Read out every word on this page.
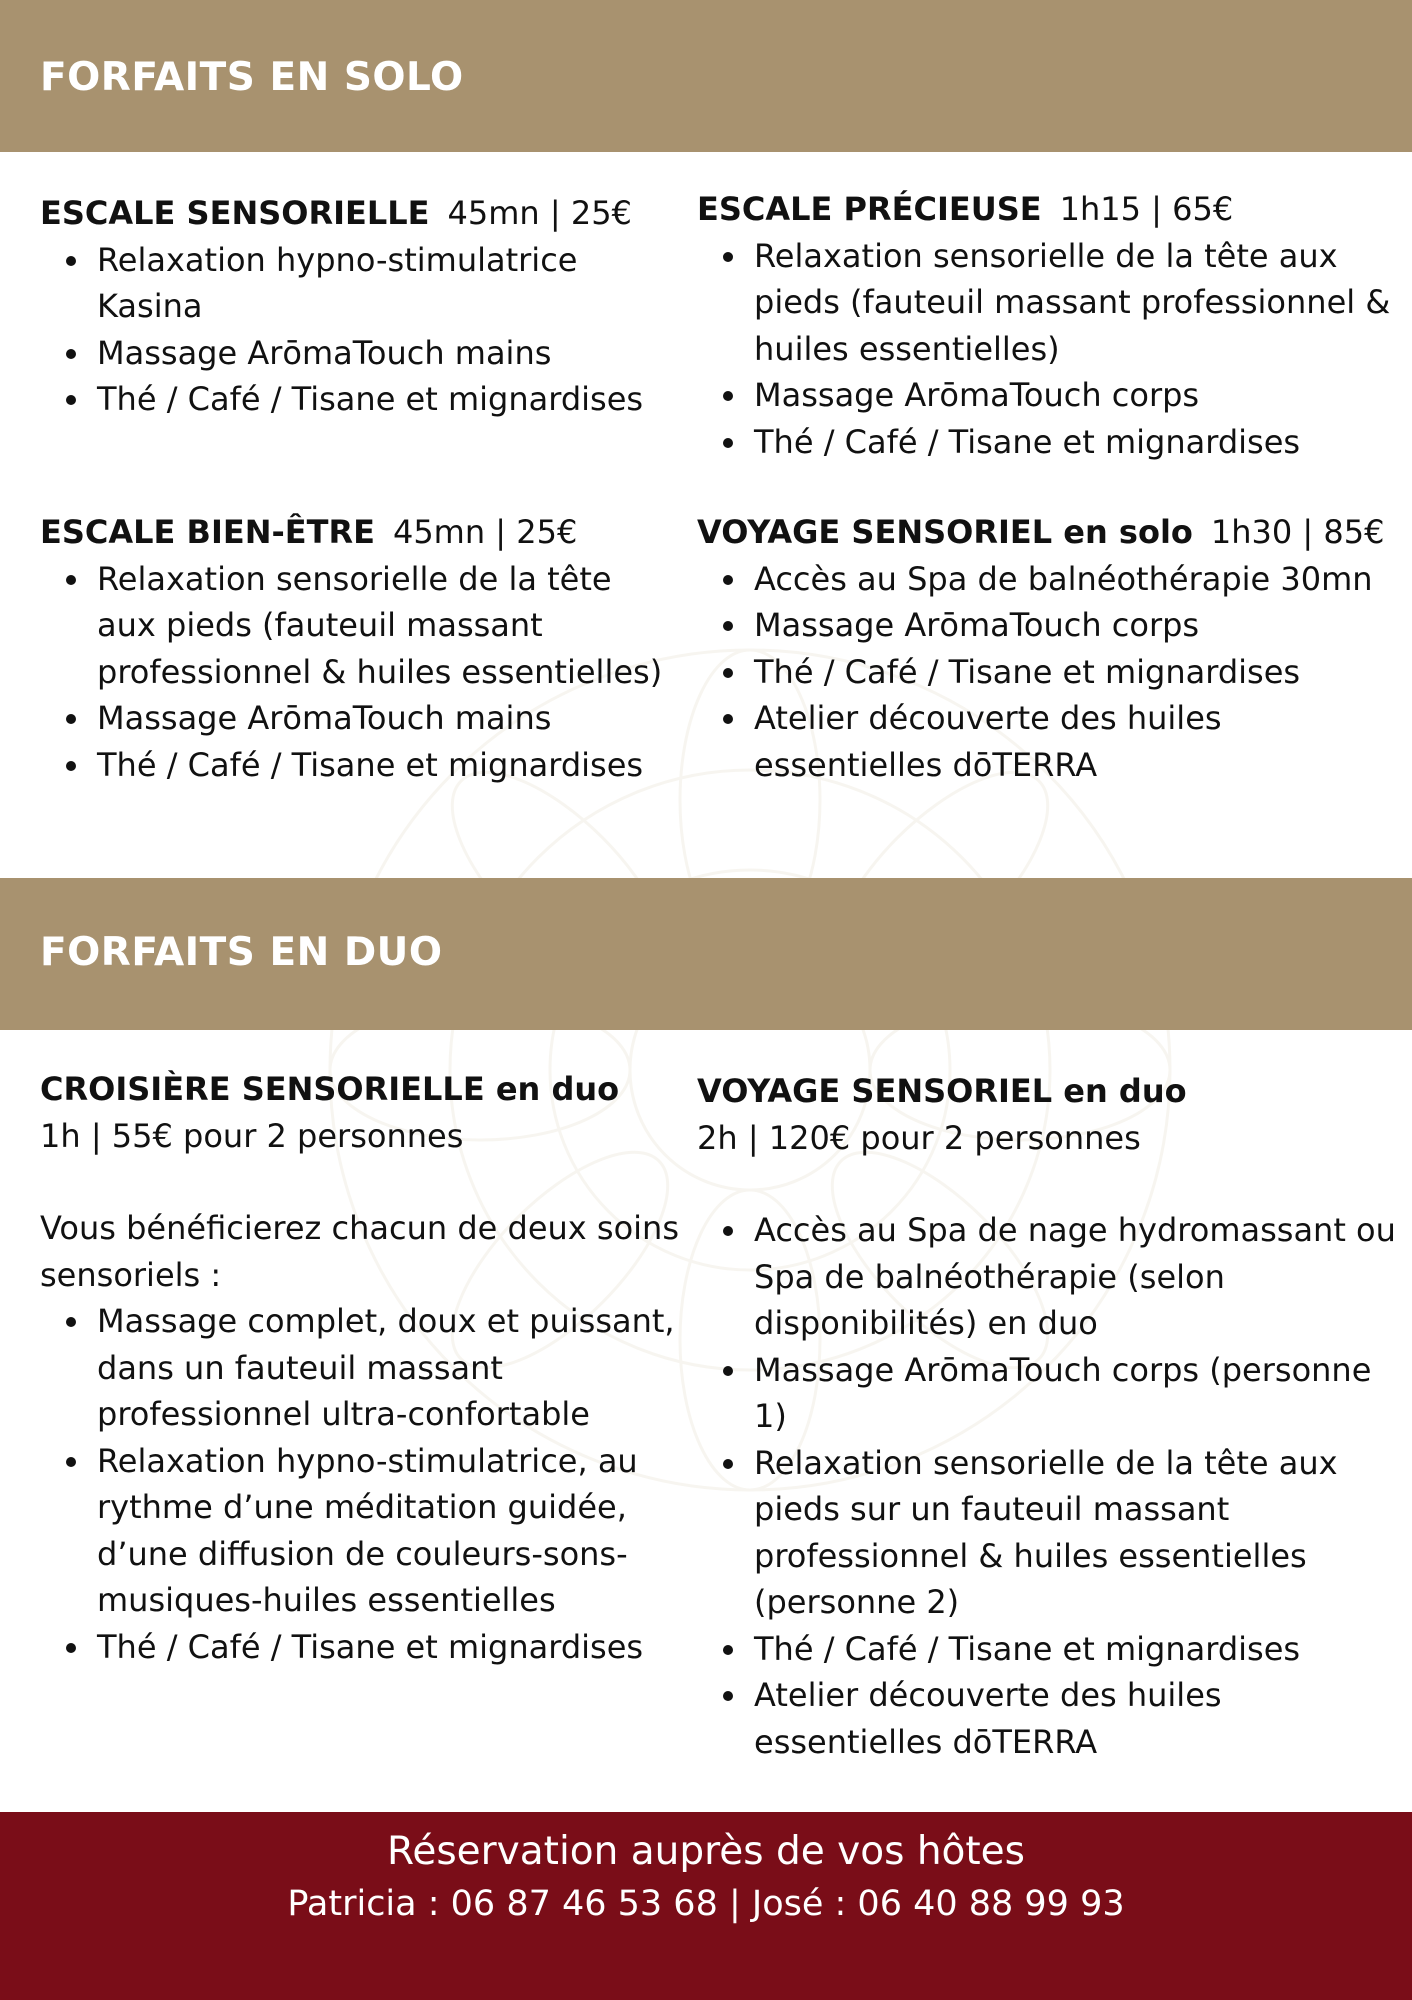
FORFAITS EN SOLO
ESCALE SENSORIELLE 45mn | 25€
Relaxation hypno-stimulatrice Kasina
Massage ArōmaTouch mains
Thé / Café / Tisane et mignardises
ESCALE PRÉCIEUSE 1h15 | 65€
Relaxation sensorielle de la tête aux pieds (fauteuil massant professionnel & huiles essentielles)
Massage ArōmaTouch corps
Thé / Café / Tisane et mignardises
ESCALE BIEN-ÊTRE 45mn | 25€
Relaxation sensorielle de la tête aux pieds (fauteuil massant professionnel & huiles essentielles)
Massage ArōmaTouch mains
Thé / Café / Tisane et mignardises
VOYAGE SENSORIEL en solo 1h30 | 85€
Accès au Spa de balnéothérapie 30mn
Massage ArōmaTouch corps
Thé / Café / Tisane et mignardises
Atelier découverte des huiles essentielles dōTERRA
FORFAITS EN DUO
CROISIÈRE SENSORIELLE en duo
1h | 55€ pour 2 personnes
Vous bénéficierez chacun de deux soins sensoriels :
Massage complet, doux et puissant, dans un fauteuil massant professionnel ultra-confortable
Relaxation hypno-stimulatrice, au rythme d’une méditation guidée, d’une diffusion de couleurs-sons-musiques-huiles essentielles
Thé / Café / Tisane et mignardises
VOYAGE SENSORIEL en duo
2h | 120€ pour 2 personnes
Accès au Spa de nage hydromassant ou Spa de balnéothérapie (selon disponibilités) en duo
Massage ArōmaTouch corps (personne 1)
Relaxation sensorielle de la tête aux pieds sur un fauteuil massant professionnel & huiles essentielles (personne 2)
Thé / Café / Tisane et mignardises
Atelier découverte des huiles essentielles dōTERRA
Réservation auprès de vos hôtes
Patricia : 06 87 46 53 68 | José : 06 40 88 99 93
